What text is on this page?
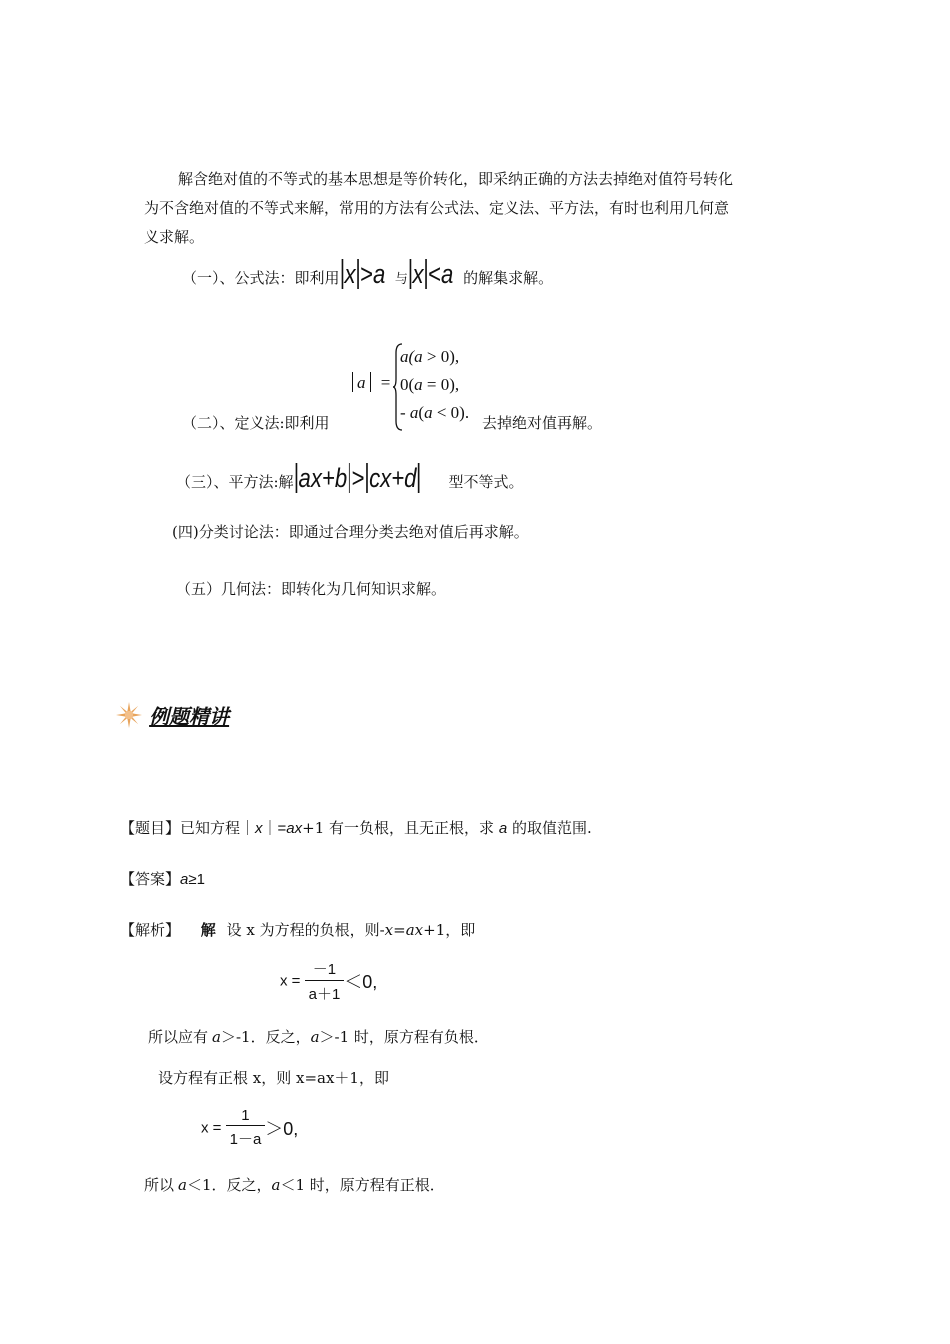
解含绝对值的不等式的基本思想是等价转化，即采纳正确的方法去掉绝对值符号转化
为不含绝对值的不等式来解，常用的方法有公式法、定义法、平方法，有时也利用几何意
义求解。
（一）、公式法：即利用 x >a 与 x <a 的解集求解。
a =
a(a > 0),
0(a = 0),
- a(a < 0).
（二）、定义法:即利用	去掉绝对值再解。
（三）、平方法:解 ax+b > cx+d 型不等式。
(四)分类讨论法：即通过合理分类去绝对值后再求解。
（五）几何法：即转化为几何知识求解。
例题精讲
【题目】已知方程｜x｜=ax+1 有一负根，且无正根，求 a 的取值范围.
【答案】a≥1
【解析】 解 设 x 为方程的负根，则-x=ax+1，即
$x = \frac{-1}{a+1} <0$,
所以应有 a＞-1．反之，a＞-1 时，原方程有负根．
设方程有正根 x，则 x=ax＋1，即
$x = \frac{1}{1-a} >0$,
所以 a＜1．反之，a＜1 时，原方程有正根．
